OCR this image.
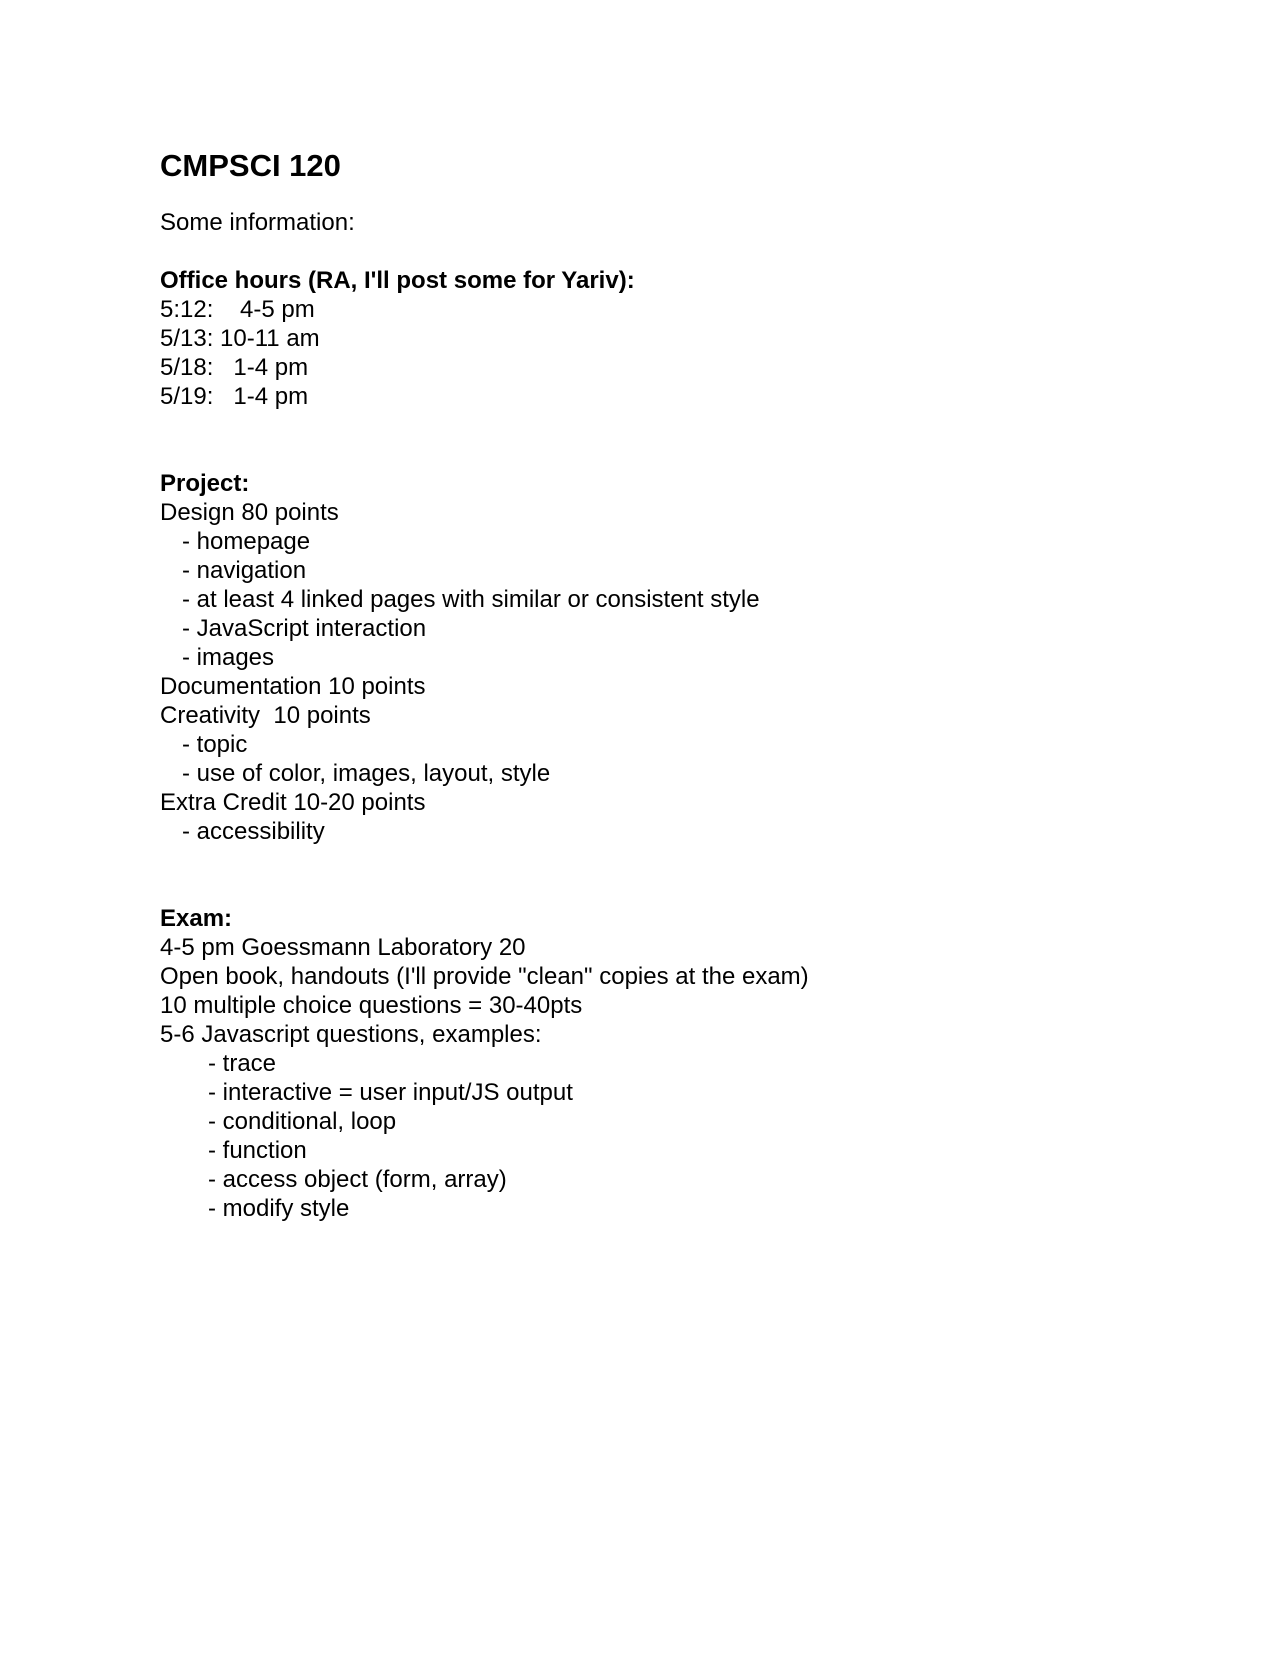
CMPSCI 120
Some information:
Office hours (RA, I'll post some for Yariv):
5:12:    4-5 pm
5/13: 10-11 am
5/18:   1-4 pm
5/19:   1-4 pm
Project:
Design 80 points
- homepage
- navigation
- at least 4 linked pages with similar or consistent style
- JavaScript interaction
- images
Documentation 10 points
Creativity  10 points
- topic
- use of color, images, layout, style
Extra Credit 10-20 points
- accessibility
Exam:
4-5 pm Goessmann Laboratory 20
Open book, handouts (I'll provide "clean" copies at the exam)
10 multiple choice questions = 30-40pts
5-6 Javascript questions, examples:
- trace
- interactive = user input/JS output
- conditional, loop
- function
- access object (form, array)
- modify style
